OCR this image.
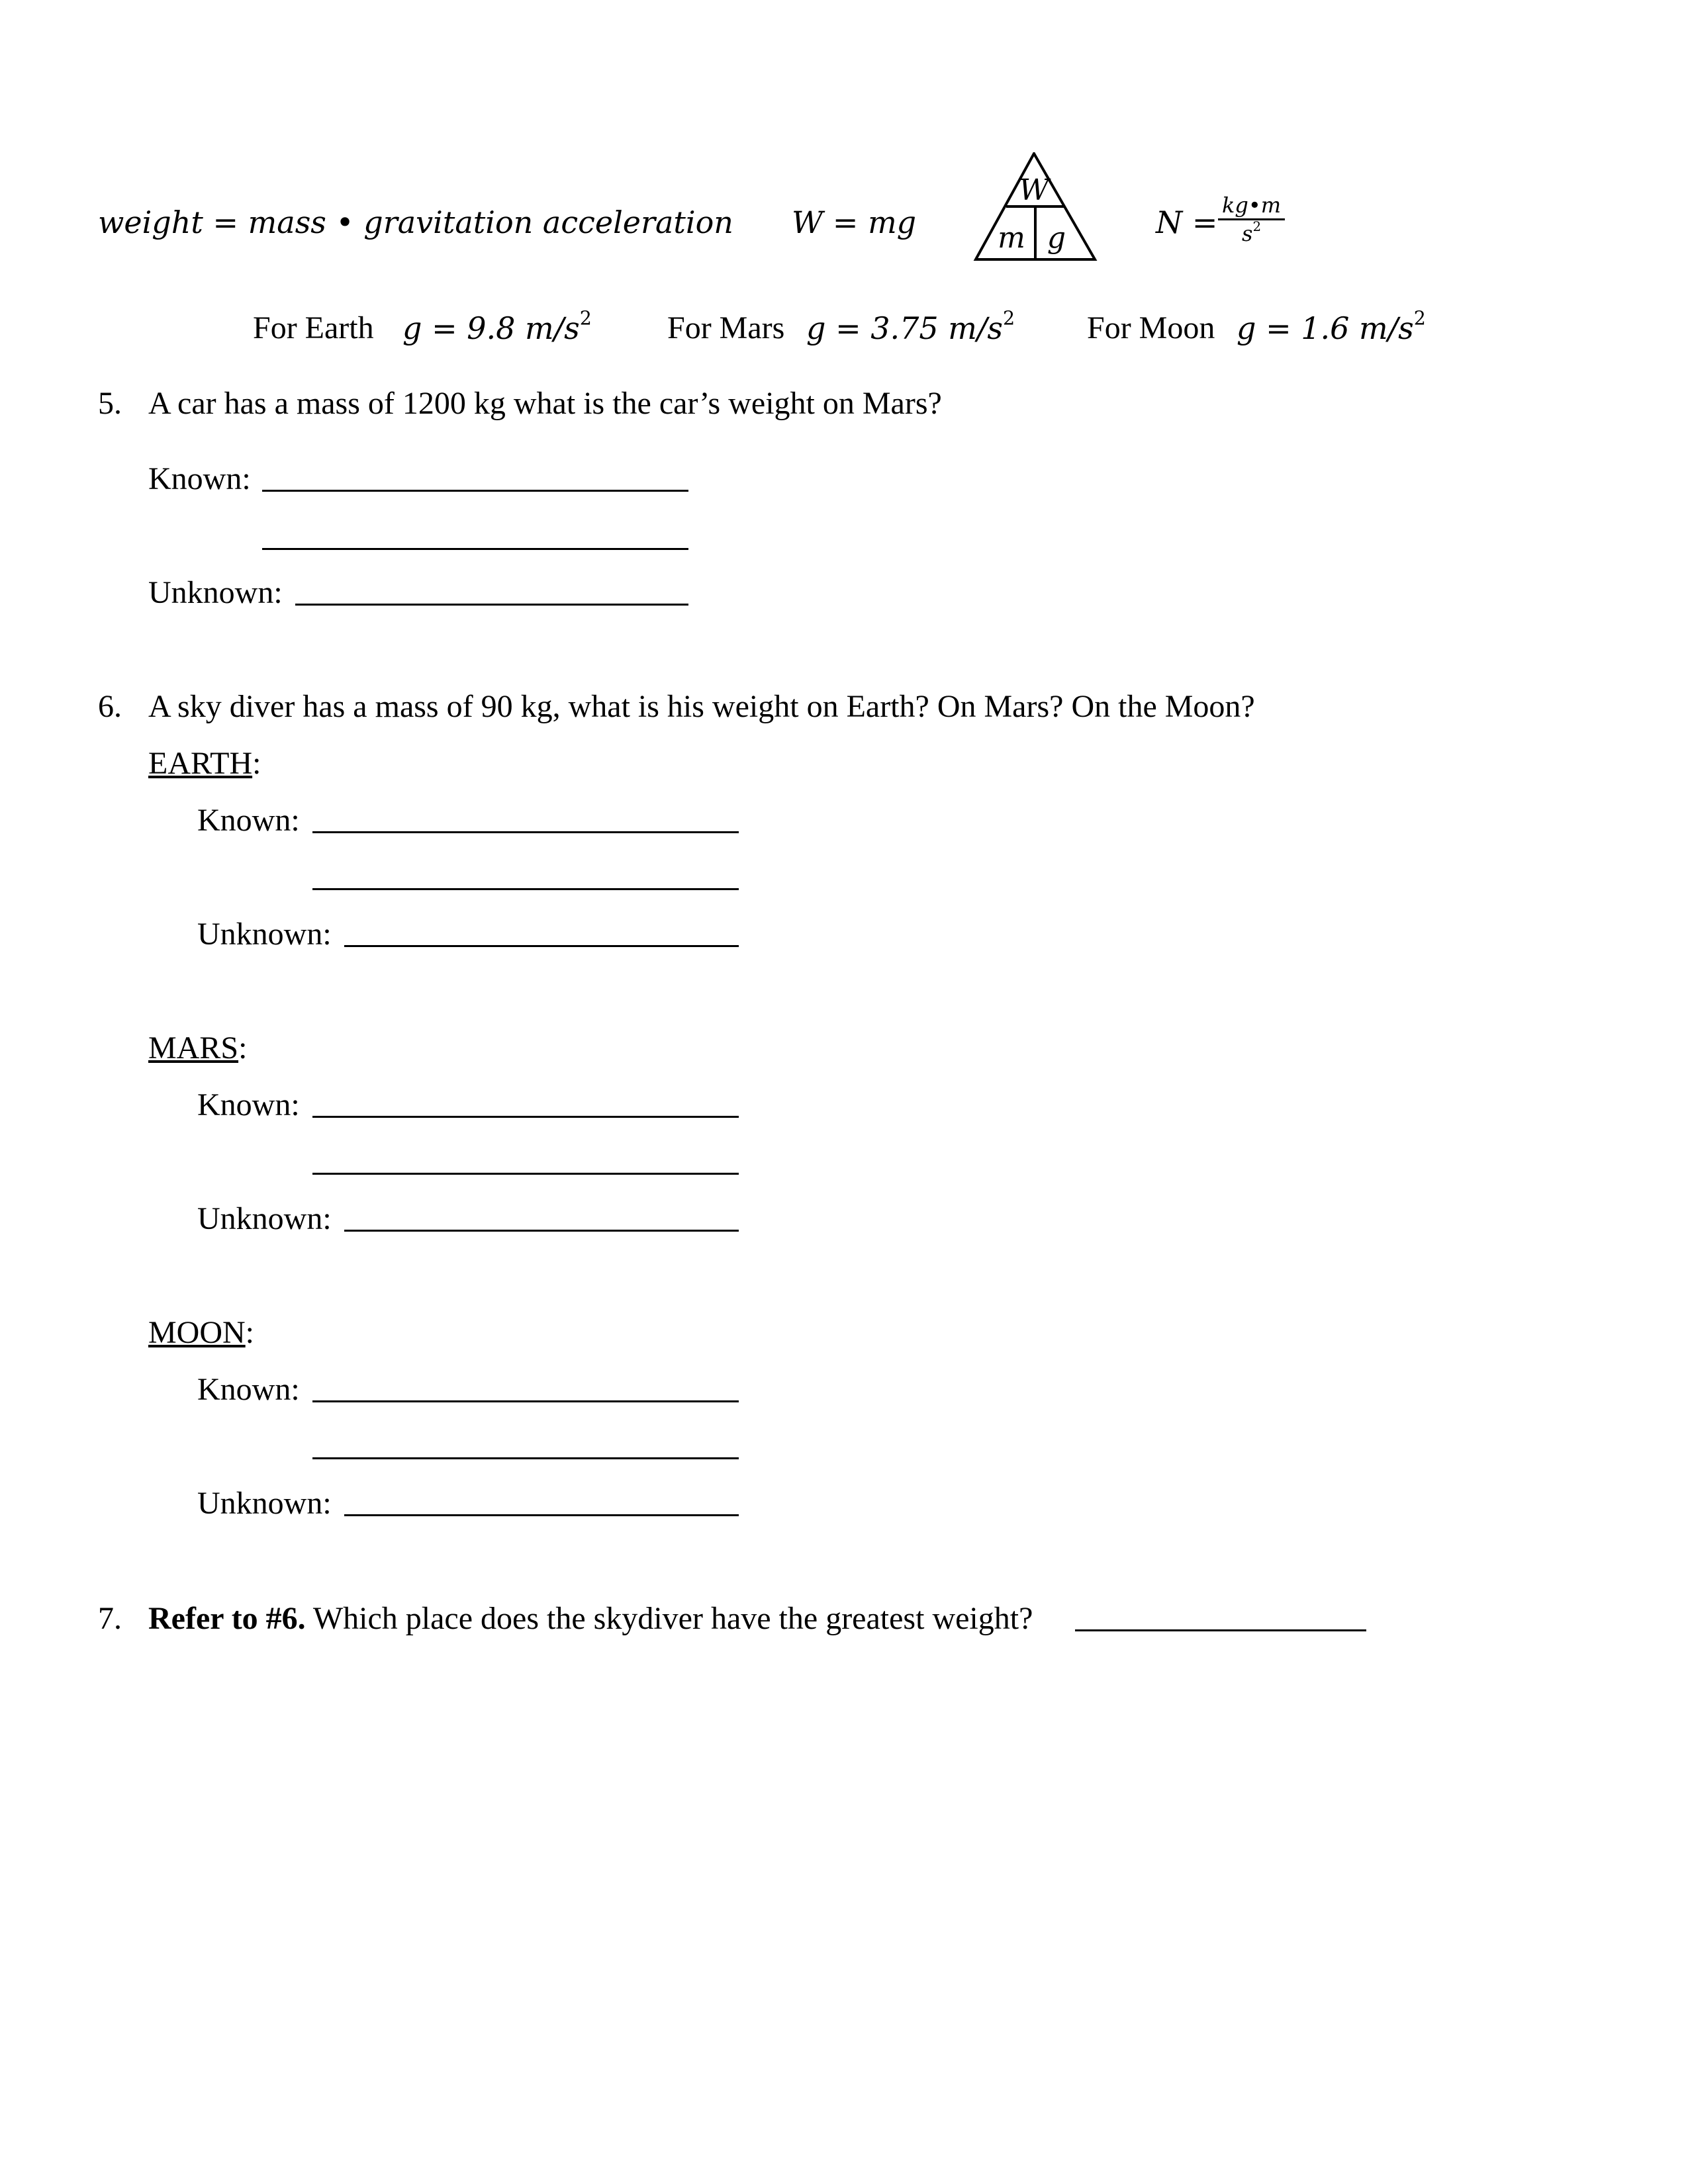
weight = mass • gravitation acceleration W = mg
W
m g	N = kg•m
$s^2$
For Earth g = 9.8 $m/s^2$ For Mars g = 3.75 $m/s^2$ For Moon g = 1.6 $m/s^2$
5. A car has a mass of 1200 kg what is the car’s weight on Mars?
Known:
Unknown:
6. A sky diver has a mass of 90 kg, what is his weight on Earth? On Mars? On the Moon?
EARTH:
Known:
Unknown:
MARS:
Known:
Unknown:
MOON:
Known:
Unknown:
7. Refer to #6. Which place does the skydiver have the greatest weight?
